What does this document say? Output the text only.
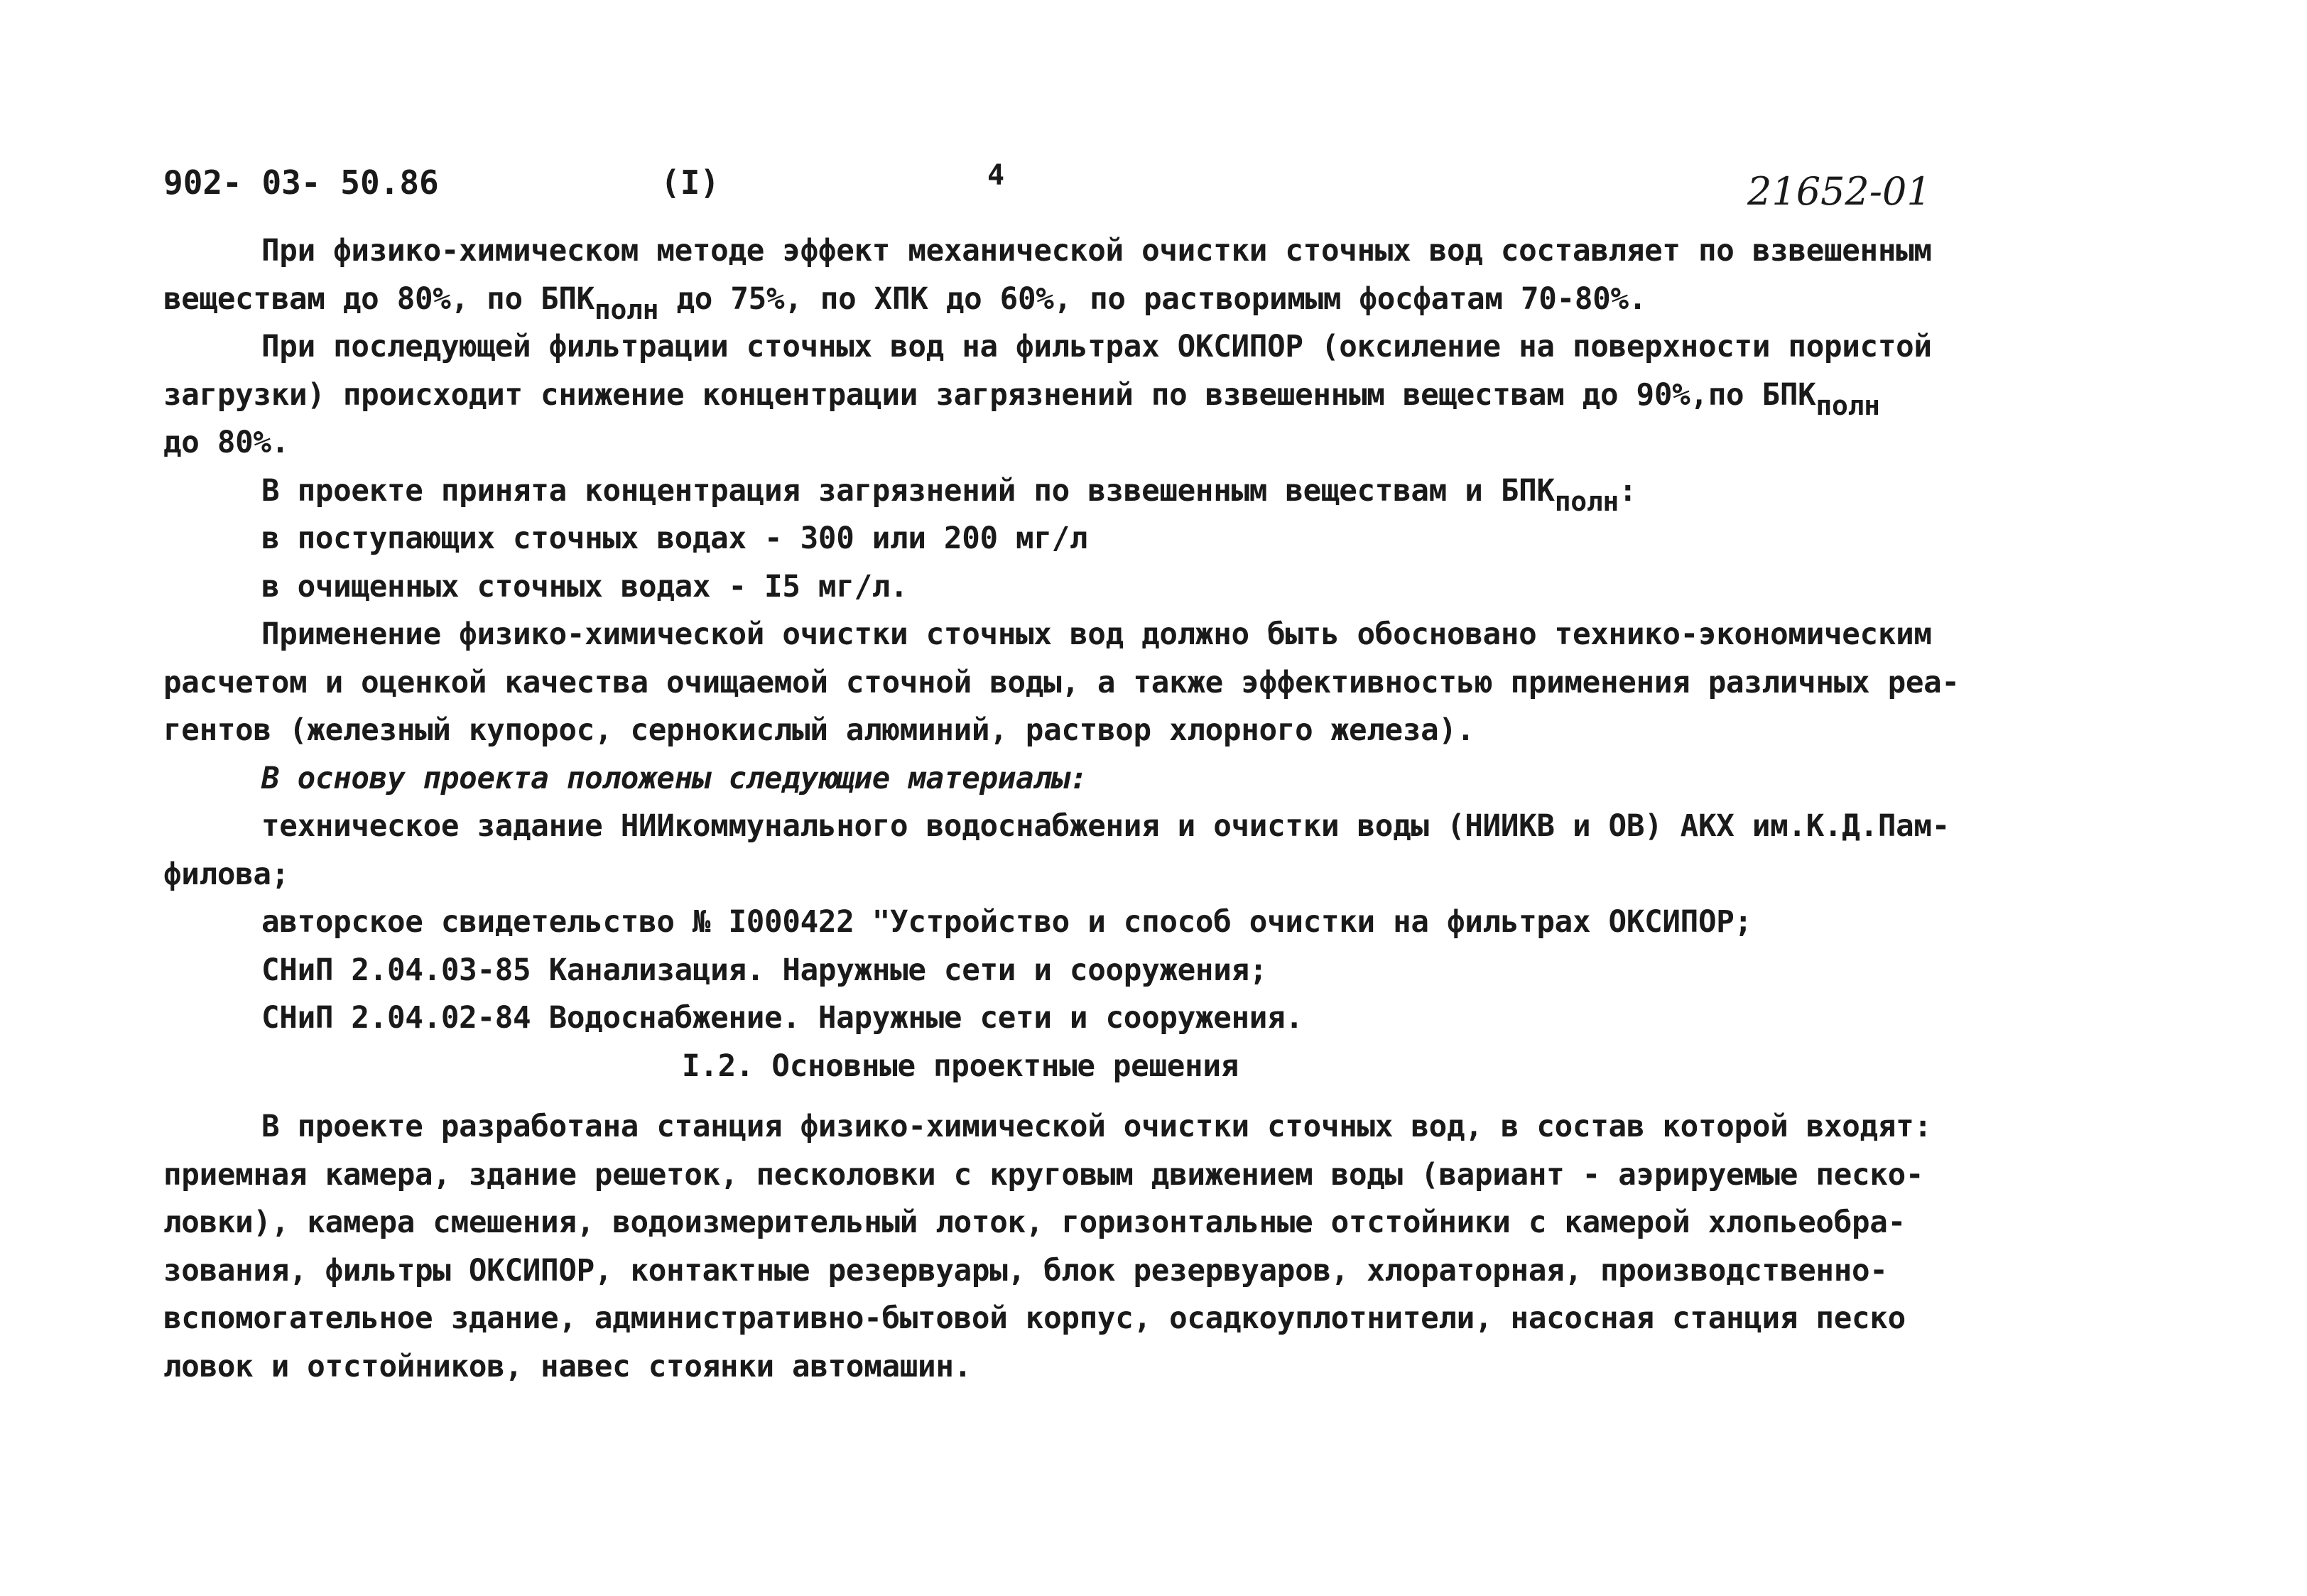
902- 03- 50.86	(I)	4	21652-01
При физико-химическом методе эффект механической очистки сточных вод составляет по взвешенным
веществам до 80%, по БПКполн до 75%, по ХПК до 60%, по растворимым фосфатам 70-80%.
При последующей фильтрации сточных вод на фильтрах ОКСИПОР (оксиление на поверхности пористой
загрузки) происходит снижение концентрации загрязнений по взвешенным веществам до 90%,по БПКполн
до 80%.
В проекте принята концентрация загрязнений по взвешенным веществам и БПКполн:
в поступающих сточных водах - 300 или 200 мг/л
в очищенных сточных водах - I5 мг/л.
Применение физико-химической очистки сточных вод должно быть обосновано технико-экономическим
расчетом и оценкой качества очищаемой сточной воды, а также эффективностью применения различных реа-
гентов (железный купорос, сернокислый алюминий, раствор хлорного железа).
В основу проекта положены следующие материалы:
техническое задание НИИкоммунального водоснабжения и очистки воды (НИИКВ и ОВ) АКХ им.К.Д.Пам-
филова;
авторское свидетельство № I000422 "Устройство и способ очистки на фильтрах ОКСИПОР;
СНиП 2.04.03-85 Канализация. Наружные сети и сооружения;
СНиП 2.04.02-84 Водоснабжение. Наружные сети и сооружения.
I.2. Основные проектные решения
В проекте разработана станция физико-химической очистки сточных вод, в состав которой входят:
приемная камера, здание решеток, песколовки с круговым движением воды (вариант - аэрируемые песко-
ловки), камера смешения, водоизмерительный лоток, горизонтальные отстойники с камерой хлопьеобра-
зования, фильтры ОКСИПОР, контактные резервуары, блок резервуаров, хлораторная, производственно-
вспомогательное здание, административно-бытовой корпус, осадкоуплотнители, насосная станция песко
ловок и отстойников, навес стоянки автомашин.
